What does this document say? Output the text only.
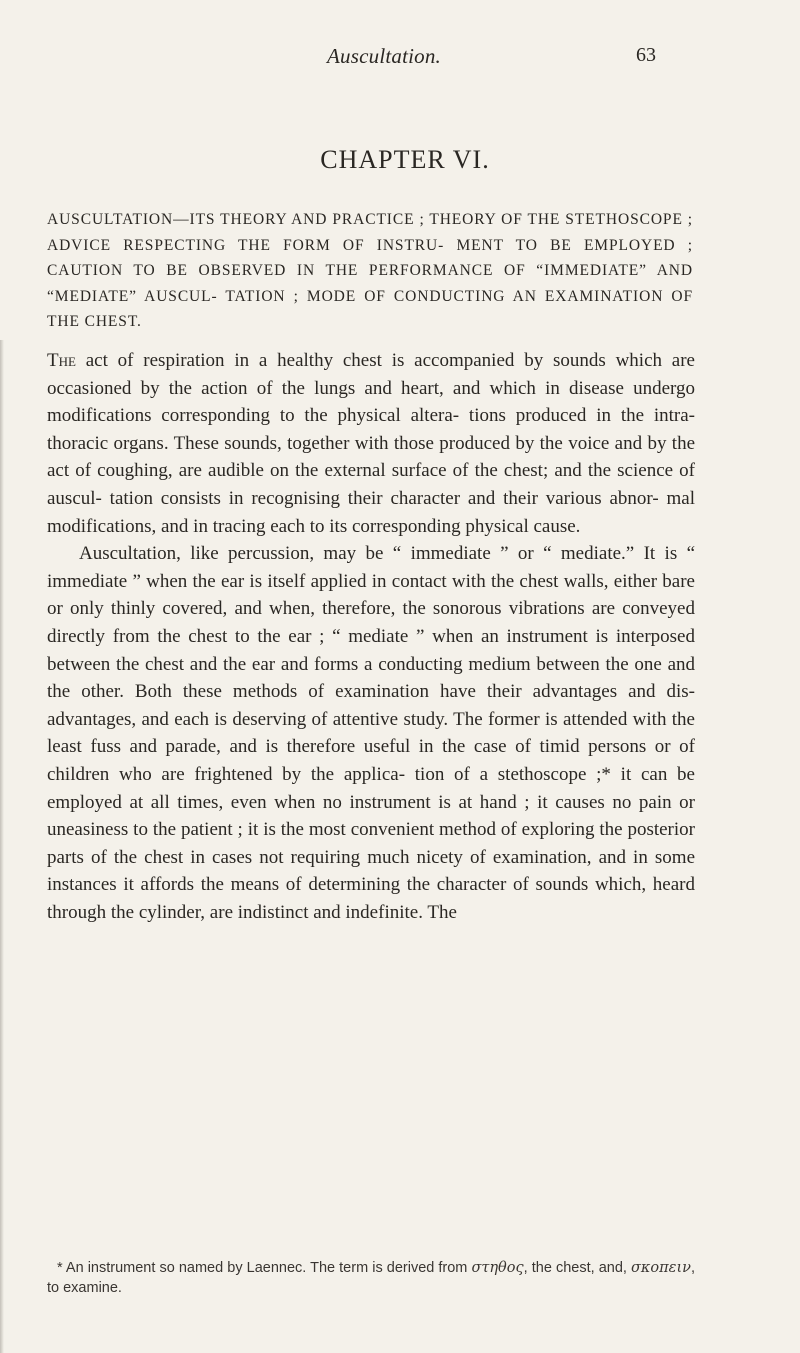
Auscultation.	63
CHAPTER VI.
AUSCULTATION—ITS THEORY AND PRACTICE ; THEORY OF THE STETHOSCOPE ; ADVICE RESPECTING THE FORM OF INSTRU- MENT TO BE EMPLOYED ; CAUTION TO BE OBSERVED IN THE PERFORMANCE OF “IMMEDIATE” AND “MEDIATE” AUSCUL- TATION ; MODE OF CONDUCTING AN EXAMINATION OF THE CHEST.

The act of respiration in a healthy chest is accompanied by sounds which are occasioned by the action of the lungs and heart, and which in disease undergo modifications corresponding to the physical altera- tions produced in the intra-thoracic organs. These sounds, together with those produced by the voice and by the act of coughing, are audible on the external surface of the chest; and the science of auscul- tation consists in recognising their character and their various abnor- mal modifications, and in tracing each to its corresponding physical cause.

Auscultation, like percussion, may be “ immediate ” or “ mediate.” It is “ immediate ” when the ear is itself applied in contact with the chest walls, either bare or only thinly covered, and when, therefore, the sonorous vibrations are conveyed directly from the chest to the ear ; “ mediate ” when an instrument is interposed between the chest and the ear and forms a conducting medium between the one and the other. Both these methods of examination have their advantages and dis- advantages, and each is deserving of attentive study. The former is attended with the least fuss and parade, and is therefore useful in the case of timid persons or of children who are frightened by the applica- tion of a stethoscope ;* it can be employed at all times, even when no instrument is at hand ; it causes no pain or uneasiness to the patient ; it is the most convenient method of exploring the posterior parts of the chest in cases not requiring much nicety of examination, and in some instances it affords the means of determining the character of sounds which, heard through the cylinder, are indistinct and indefinite. The

* An instrument so named by Laennec. The term is derived from στηθος, the chest, and, σκοπειν, to examine.
